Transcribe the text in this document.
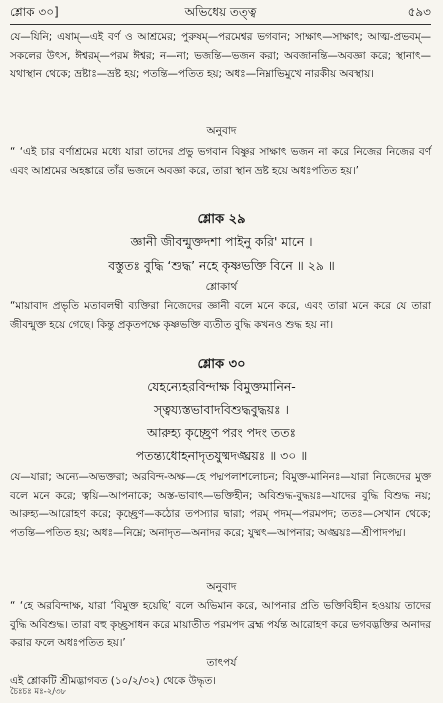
শ্লোক ৩০]	অভিধেয় তত্ত্ব	৫৯৩
যে—যিনি; এষাম্—এই বর্ণ ও আশ্রমের; পুরুষম্—পরমেশ্বর ভগবান; সাক্ষাৎ—সাক্ষাৎ; আত্ম-প্রভবম্—সকলের উৎস, ঈশ্বরম্—পরম ঈশ্বর; ন—না; ভজন্তি—ভজন করা; অবজানন্তি—অবজ্ঞা করে; স্থানাৎ—যথাস্থান থেকে; ভ্রষ্টাঃ—ভ্রষ্ট হয়; পতন্তি—পতিত হয়; অধঃ—নিম্নাভিমুখে নারকীয় অবস্থায়।
অনুবাদ
“ ‘এই চার বর্ণাশ্রমের মধ্যে যারা তাদের প্রভু ভগবান বিষ্ণুর সাক্ষাৎ ভজন না করে নিজের নিজের বর্ণ এবং আশ্রমের অহঙ্কারে তাঁর ভজনে অবজ্ঞা করে, তারা স্থান ভ্রষ্ট হয়ে অধঃপতিত হয়।’
শ্লোক ২৯
জ্ঞানী জীবন্মুক্তদশা পাইনু করি' মানে ।
বস্তুতঃ বুদ্ধি ‘শুদ্ধ’ নহে কৃষ্ণভক্তি বিনে ॥ ২৯ ॥
শ্লোকার্থ
“মায়াবাদ প্রভৃতি মতাবলম্বী ব্যক্তিরা নিজেদের জ্ঞানী বলে মনে করে, এবং তারা মনে করে যে তারা জীবন্মুক্ত হয়ে গেছে। কিন্তু প্রকৃতপক্ষে কৃষ্ণভক্তি ব্যতীত বুদ্ধি কখনও শুদ্ধ হয় না।
শ্লোক ৩০
যেহন্যেহরবিন্দাক্ষ বিমুক্তমানিন-
স্ত্বয্যস্তভাবাদবিশুদ্ধবুদ্ধয়ঃ ।
আরুহ্য কৃচ্ছ্রেণ পরং পদং ততঃ
পতন্ত্যধোহনাদৃতযুষ্মদঙ্ঘ্রয়ঃ ॥ ৩০ ॥
যে—যারা; অন্যে—অভক্তরা; অরবিন্দ-অক্ষ—হে পদ্মপলাশলোচন; বিমুক্ত-মানিনঃ—যারা নিজেদের মুক্ত বলে মনে করে; ত্বয়ি—আপনাকে; অস্ত-ভাবাৎ—ভক্তিহীন; অবিশুদ্ধ-বুদ্ধয়ঃ—যাদের বুদ্ধি বিশুদ্ধ নয়; আরুহ্য—আরোহণ করে; কৃচ্ছ্রেণ—কঠোর তপস্যার দ্বারা; পরম্ পদম্—পরমপদ; ততঃ—সেখান থেকে; পতন্তি—পতিত হয়; অধঃ—নিম্নে; অনাদৃত—অনাদর করে; যুষ্মৎ—আপনার; অঙ্ঘ্রয়ঃ—শ্রীপাদপদ্ম।
অনুবাদ
“ ‘হে অরবিন্দাক্ষ, যারা ‘বিমুক্ত হয়েছি’ বলে অভিমান করে, আপনার প্রতি ভক্তিবিহীন হওয়ায় তাদের বুদ্ধি অবিশুদ্ধ। তারা বহু কৃচ্ছ্রসাধন করে মায়াতীত পরমপদ ব্রহ্ম পর্যন্ত আরোহণ করে ভগবদ্ভক্তির অনাদর করার ফলে অধঃপতিত হয়।’
তাৎপর্য
এই শ্লোকটি শ্রীমদ্ভাগবত (১০/২/৩২) থেকে উদ্ধৃত।
চৈঃচঃ মঃ-২/৩৮
